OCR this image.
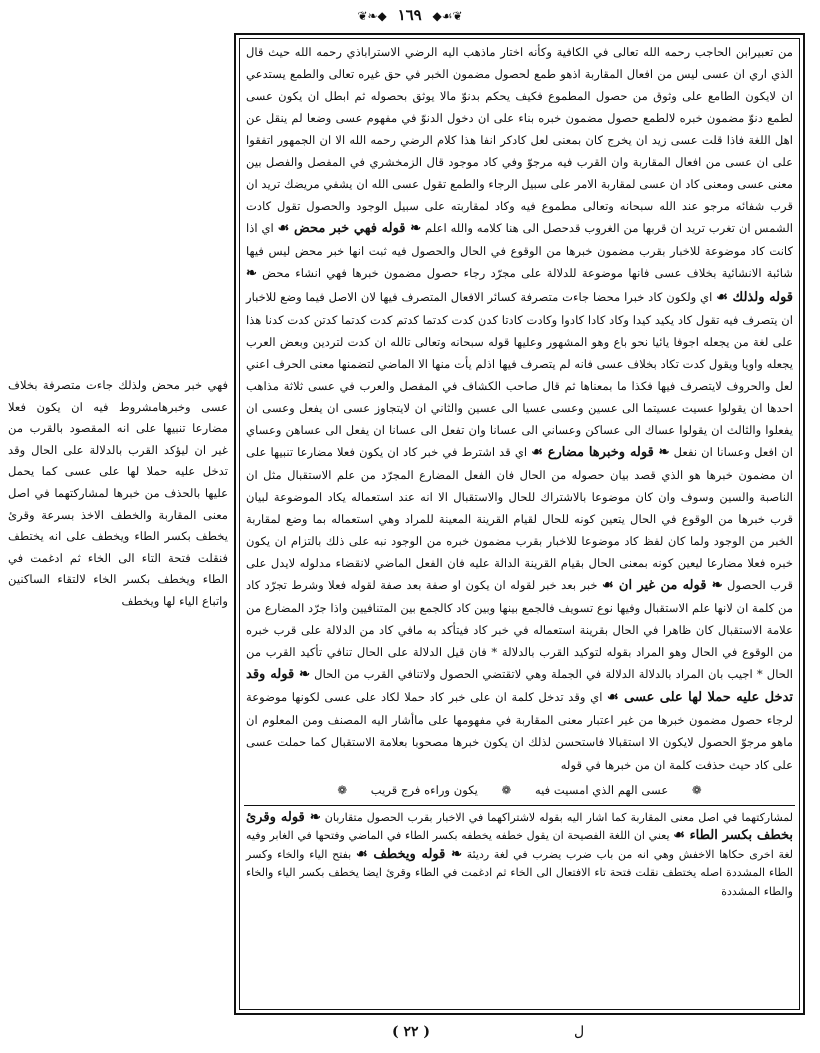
❦☙◆ ١٦٩ ◆❧❦

من تعبيرابن الحاجب رحمه الله تعالى في الكافية وكأنه اختار ماذهب اليه الرضي الاستراباذي رحمه الله حيث قال الذي اري ان عسى ليس من افعال المقاربة اذهو طمع لحصول مضمون الخبر في حق غيره تعالى والطمع يستدعي ان لايكون الطامع على وثوق من حصول المطموع فكيف يحكم بدنوّ مالا يوثق بحصوله ثم ابطل ان يكون عسى لطمع دنوّ مضمون خبره لالطمع حصول مضمون خبره بناء على ان دخول الدنوّ في مفهوم عسى وضعا لم ينقل عن اهل اللغة فاذا قلت عسى زيد ان يخرج كان بمعنى لعل كادكر انفا هذا كلام الرضي رحمه الله الا ان الجمهور اتفقوا على ان عسى من افعال المقاربة وان القرب فيه مرجوّ وفي كاد موجود قال الزمخشري في المفصل والفصل بين معنى عسى ومعنى كاد ان عسى لمقاربة الامر على سبيل الرجاء والطمع تقول عسى الله ان يشفي مريضك تريد ان قرب شفائه مرجو عند الله سبحانه وتعالى مطموع فيه وكاد لمقاربته على سبيل الوجود والحصول تقول كادت الشمس ان تغرب تريد ان قربها من الغروب قدحصل الى هنا كلامه والله اعلم ❧ قوله فهي خبر محض ☙ اي اذا كانت كاد موضوعة للاخبار بقرب مضمون خبرها من الوقوع في الحال والحصول فيه ثبت انها خبر محض ليس فيها شائبة الانشائية بخلاف عسى فانها موضوعة للدلالة على مجرّد رجاء حصول مضمون خبرها فهي انشاء محض ❧ قوله ولذلك ☙ اي ولكون كاد خبرا محضا جاءت متصرفة كسائر الافعال المتصرف فيها لان الاصل فيما وضع للاخبار ان يتصرف فيه تقول كاد يكيد كيدا وكاد كادا كادوا وكادت كادتا كدن كدت كدتما كدتم كدت كدتما كدتن كدت كدنا هذا على لغة من يجعله اجوفا يائيا نحو باع وهو المشهور وعليها قوله سبحانه وتعالى تالله ان كدت لتردين وبعض العرب يجعله واويا ويقول كدت تكاد بخلاف عسى فانه لم يتصرف فيها اذلم يأت منها الا الماضي لتضمنها معنى الحرف اعني لعل والحروف لايتصرف فيها فكذا ما بمعناها ثم قال صاحب الكشاف في المفصل والعرب في عسى ثلاثة مذاهب احدها ان يقولوا عسيت عسيتما الى عسين وعسى عسيا الى عسين والثاني ان لايتجاوز عسى ان يفعل وعسى ان يفعلوا والثالث ان يقولوا عساك الى عساكن وعساني الى عسانا وان تفعل الى عسانا ان يفعل الى عساهن وعساي ان افعل وعسانا ان نفعل ❧ قوله وخبرها مضارع ☙ اي قد اشترط في خبر كاد ان يكون فعلا مضارعا تنبيها على ان مضمون خبرها هو الذي قصد بيان حصوله من الحال فان الفعل المضارع المجرّد من علم الاستقبال مثل ان الناصبة والسين وسوف وان كان موضوعا بالاشتراك للحال والاستقبال الا انه عند استعماله يكاد الموضوعة لبيان قرب خبرها من الوقوع في الحال يتعين كونه للحال لقيام القرينة المعينة للمراد وهي استعماله بما وضع لمقاربة الخبر من الوجود ولما كان لفظ كاد موضوعا للاخبار بقرب مضمون خبره من الوجود نبه على ذلك بالتزام ان يكون خبره فعلا مضارعا ليعين كونه بمعنى الحال بقيام القرينة الدالة عليه فان الفعل الماضي لانقضاء مدلوله لايدل على قرب الحصول ❧ قوله من غير ان ☙ خبر بعد خبر لقوله ان يكون او صفة بعد صفة لقوله فعلا وشرط تجرّد كاد من كلمة ان لانها علم الاستقبال وفيها نوع تسويف فالجمع بينها وبين كاد كالجمع بين المتنافيين واذا جرّد المضارع من علامة الاستقبال كان ظاهرا في الحال بقرينة استعماله في خبر كاد فيتأكد به مافي كاد من الدلالة على قرب خبره من الوقوع في الحال وهو المراد بقوله لتوكيد القرب بالدلالة * فان قيل الدلالة على الحال تنافي تأكيد القرب من الحال * اجيب بان المراد بالدلالة الدلالة في الجملة وهي لاتقتضي الحصول ولاتنافي القرب من الحال ❧ قوله وقد تدخل عليه حملا لها على عسى ☙ اي وقد تدخل كلمة ان على خبر كاد حملا لكاد على عسى لكونها موضوعة لرجاء حصول مضمون خبرها من غير اعتبار معنى المقاربة في مفهومها على ماأشار اليه المصنف ومن المعلوم ان ماهو مرجوّ الحصول لايكون الا استقبالا فاستحسن لذلك ان يكون خبرها مصحوبا بعلامة الاستقبال كما حملت عسى على كاد حيث حذفت كلمة ان من خبرها في قوله

❁ عسى الهم الذي امسيت فيه ❁ يكون وراءه فرج قريب ❁

لمشاركتهما في اصل معنى المقاربة كما اشار اليه بقوله لاشتراكهما في الاخبار بقرب الحصول متقاربان ❧ قوله وقرئ بخطف بكسر الطاء ☙ يعني ان اللغة الفصيحة ان يقول خطفه يخطفه بكسر الطاء في الماضي وفتحها في الغابر وفيه لغة اخرى حكاها الاخفش وهي انه من باب ضرب يضرب في لغة رديئة ❧ قوله ويخطف ☙ بفتح الياء والخاء وكسر الطاء المشددة اصله يختطف نقلت فتحة تاء الافتعال الى الخاء ثم ادغمت في الطاء وقرئ ايضا يخطف بكسر الياء والخاء والطاء المشددة

فهي خبر محض ولذلك جاءت متصرفة بخلاف عسى وخبرهامشروط فيه ان يكون فعلا مضارعا تنبيها على انه المقصود بالقرب من غير ان ليؤكد القرب بالدلالة على الحال وقد تدخل عليه حملا لها على عسى كما يحمل عليها بالحذف من خبرها لمشاركتهما في اصل معنى المقاربة والخطف الاخذ بسرعة وقرئ يخطف بكسر الطاء ويخطف على انه يختطف فنقلت فتحة التاء الى الخاء ثم ادغمت في الطاء ويخطف بكسر الخاء لالتقاء الساكنين واتباع الياء لها ويخطف

ل
( ٢٢ )
